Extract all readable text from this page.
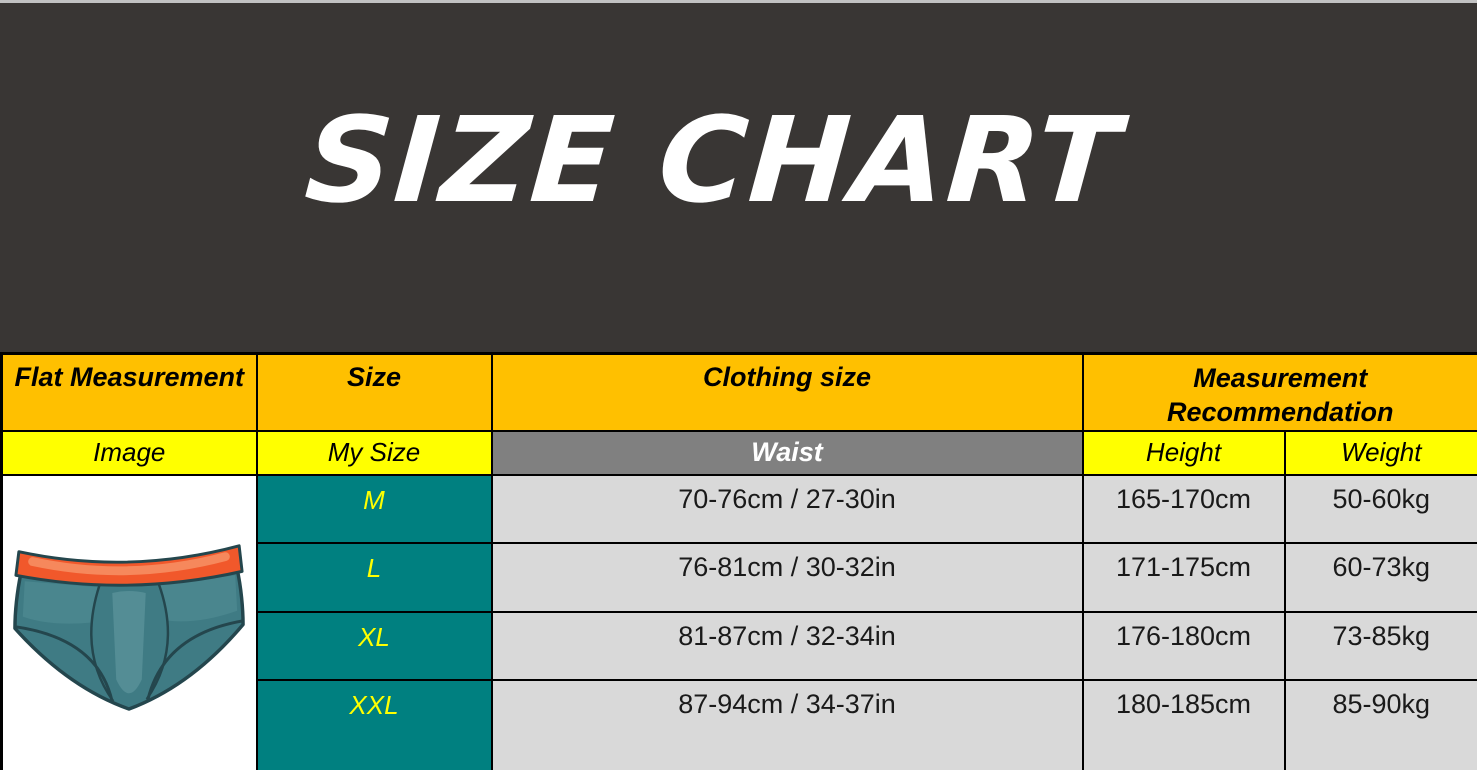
SIZE CHART
Flat Measurement	Size	Clothing size	Measurement Recommendation	

Image	My Size	Waist	Height	Weight

	M	70-76cm / 27-30in	165-170cm	50-60kg
	L	76-81cm / 30-32in	171-175cm	60-73kg
	XL	81-87cm / 32-34in	176-180cm	73-85kg
	XXL	87-94cm / 34-37in	180-185cm	85-90kg
